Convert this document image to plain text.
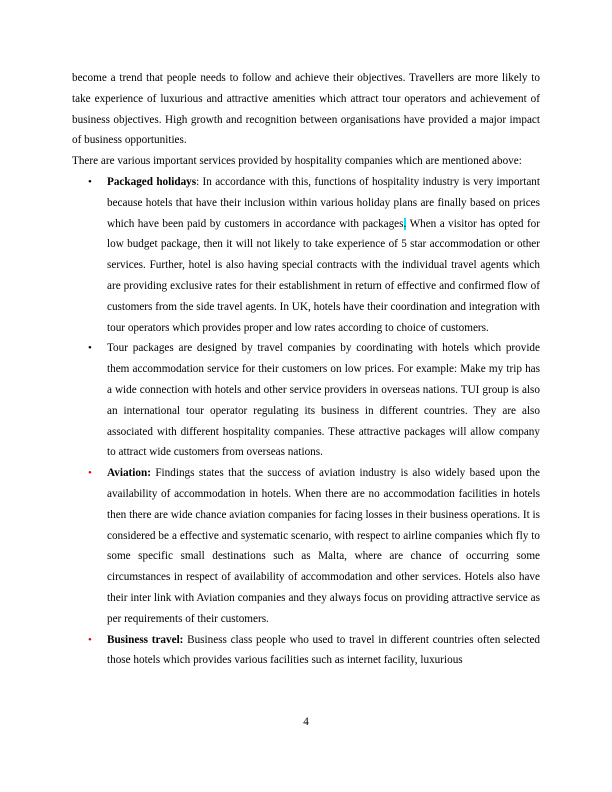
become a trend that people needs to follow and achieve their objectives. Travellers are more likely to take experience of luxurious and attractive amenities which attract tour operators and achievement of business objectives. High growth and recognition between organisations have provided a major impact of business opportunities.

There are various important services provided by hospitality companies which are mentioned above:

• Packaged holidays: In accordance with this, functions of hospitality industry is very important because hotels that have their inclusion within various holiday plans are finally based on prices which have been paid by customers in accordance with packages. When a visitor has opted for low budget package, then it will not likely to take experience of 5 star accommodation or other services. Further, hotel is also having special contracts with the individual travel agents which are providing exclusive rates for their establishment in return of effective and confirmed flow of customers from the side travel agents. In UK, hotels have their coordination and integration with tour operators which provides proper and low rates according to choice of customers.
• Tour packages are designed by travel companies by coordinating with hotels which provide them accommodation service for their customers on low prices. For example: Make my trip has a wide connection with hotels and other service providers in overseas nations. TUI group is also an international tour operator regulating its business in different countries. They are also associated with different hospitality companies. These attractive packages will allow company to attract wide customers from overseas nations.
• Aviation: Findings states that the success of aviation industry is also widely based upon the availability of accommodation in hotels. When there are no accommodation facilities in hotels then there are wide chance aviation companies for facing losses in their business operations. It is considered be a effective and systematic scenario, with respect to airline companies which fly to some specific small destinations such as Malta, where are chance of occurring some circumstances in respect of availability of accommodation and other services. Hotels also have their inter link with Aviation companies and they always focus on providing attractive service as per requirements of their customers.
• Business travel: Business class people who used to travel in different countries often selected those hotels which provides various facilities such as internet facility, luxurious
4
